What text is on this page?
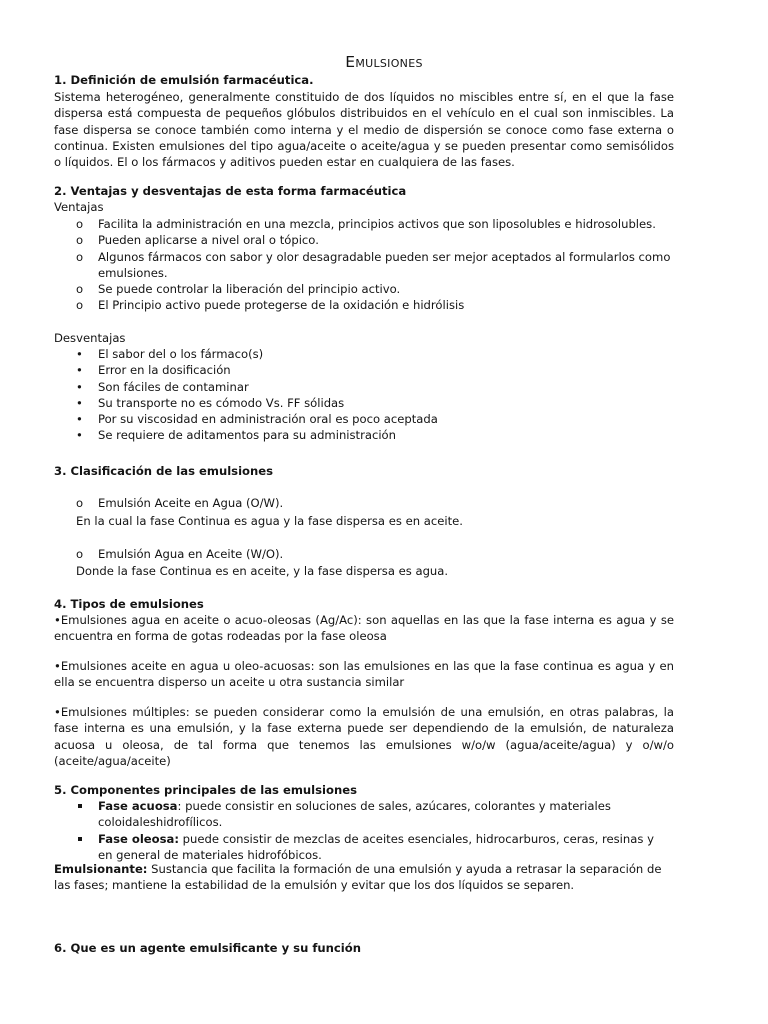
Emulsiones
1. Definición de emulsión farmacéutica.

Sistema heterogéneo, generalmente constituido de dos líquidos no miscibles entre sí, en el que la fase dispersa está compuesta de pequeños glóbulos distribuidos en el vehículo en el cual son inmiscibles. La fase dispersa se conoce también como interna y el medio de dispersión se conoce como fase externa o continua. Existen emulsiones del tipo agua/aceite o aceite/agua y se pueden presentar como semisólidos o líquidos. El o los fármacos y aditivos pueden estar en cualquiera de las fases.

2. Ventajas y desventajas de esta forma farmacéutica

Ventajas

o Facilita la administración en una mezcla, principios activos que son liposolubles e hidrosolubles.
o Pueden aplicarse a nivel oral o tópico.
o Algunos fármacos con sabor y olor desagradable pueden ser mejor aceptados al formularlos como emulsiones.
o Se puede controlar la liberación del principio activo.
o El Principio activo puede protegerse de la oxidación e hidrólisis

Desventajas

• El sabor del o los fármaco(s)
• Error en la dosificación
• Son fáciles de contaminar
• Su transporte no es cómodo Vs. FF sólidas
• Por su viscosidad en administración oral es poco aceptada
• Se requiere de aditamentos para su administración
3. Clasificación de las emulsiones
o Emulsión Aceite en Agua (O/W).

En la cual la fase Continua es agua y la fase dispersa es en aceite.

o Emulsión Agua en Aceite (W/O).

Donde la fase Continua es en aceite, y la fase dispersa es agua.

4. Tipos de emulsiones

•Emulsiones agua en aceite o acuo-oleosas (Ag/Ac): son aquellas en las que la fase interna es agua y se encuentra en forma de gotas rodeadas por la fase oleosa

•Emulsiones aceite en agua u oleo-acuosas: son las emulsiones en las que la fase continua es agua y en ella se encuentra disperso un aceite u otra sustancia similar

•Emulsiones múltiples: se pueden considerar como la emulsión de una emulsión, en otras palabras, la fase interna es una emulsión, y la fase externa puede ser dependiendo de la emulsión, de naturaleza acuosa u oleosa, de tal forma que tenemos las emulsiones w/o/w (agua/aceite/agua) y o/w/o (aceite/agua/aceite)

5. Componentes principales de las emulsiones
Fase acuosa: puede consistir en soluciones de sales, azúcares, colorantes y materiales coloidaleshidrofílicos.
Fase oleosa: puede consistir de mezclas de aceites esenciales, hidrocarburos, ceras, resinas y en general de materiales hidrofóbicos.

Emulsionante: Sustancia que facilita la formación de una emulsión y ayuda a retrasar la separación de las fases; mantiene la estabilidad de la emulsión y evitar que los dos líquidos se separen.

6. Que es un agente emulsificante y su función
